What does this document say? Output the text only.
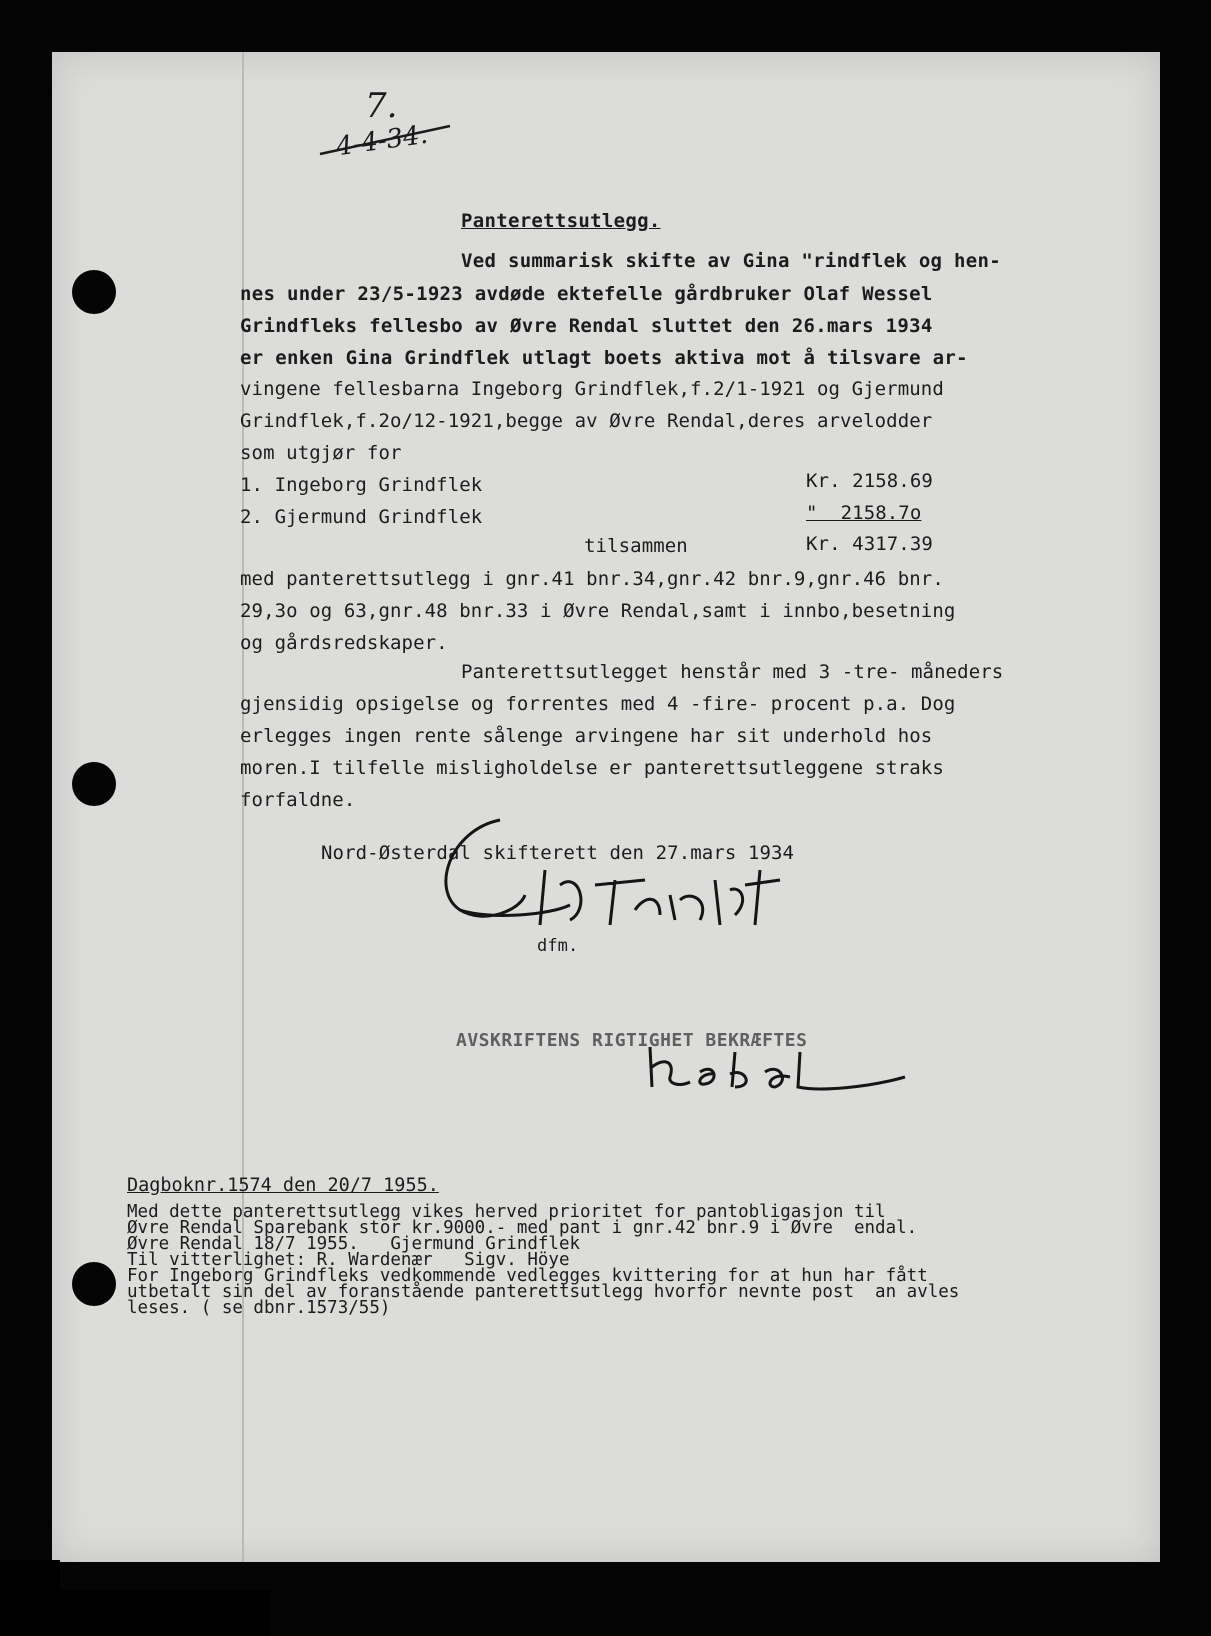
7.
4-4-34.
Panterettsutlegg.
Ved summarisk skifte av Gina "rindflek og hen-
nes under 23/5-1923 avdøde ektefelle gårdbruker Olaf Wessel
Grindfleks fellesbo av Øvre Rendal sluttet den 26.mars 1934
er enken Gina Grindflek utlagt boets aktiva mot å tilsvare ar-
vingene fellesbarna Ingeborg Grindflek,f.2/1-1921 og Gjermund
Grindflek,f.2o/12-1921,begge av Øvre Rendal,deres arvelodder
som utgjør for
1. Ingeborg Grindflek	Kr. 2158.69
2. Gjermund Grindflek	"  2158.7o
tilsammen	Kr. 4317.39
med panterettsutlegg i gnr.41 bnr.34,gnr.42 bnr.9,gnr.46 bnr.
29,3o og 63,gnr.48 bnr.33 i Øvre Rendal,samt i innbo,besetning
og gårdsredskaper.
Panterettsutlegget henstår med 3 -tre- måneders
gjensidig opsigelse og forrentes med 4 -fire- procent p.a. Dog
erlegges ingen rente sålenge arvingene har sit underhold hos
moren.I tilfelle misligholdelse er panterettsutleggene straks
forfaldne.
Nord-Østerdal skifterett den 27.mars 1934
dfm.
AVSKRIFTENS RIGTIGHET BEKRÆFTES
Dagboknr.1574 den 20/7 1955.
Med dette panterettsutlegg vikes herved prioritet for pantobligasjon til
Øvre Rendal Sparebank stor kr.9000.- med pant i gnr.42 bnr.9 i Øvre  endal.
Øvre Rendal 18/7 1955.   Gjermund Grindflek
Til vitterlighet: R. Wardenær   Sigv. Höye
For Ingeborg Grindfleks vedkommende vedlegges kvittering for at hun har fått
utbetalt sin del av foranstående panterettsutlegg hvorfor nevnte post  an avles
leses. ( se dbnr.1573/55)
